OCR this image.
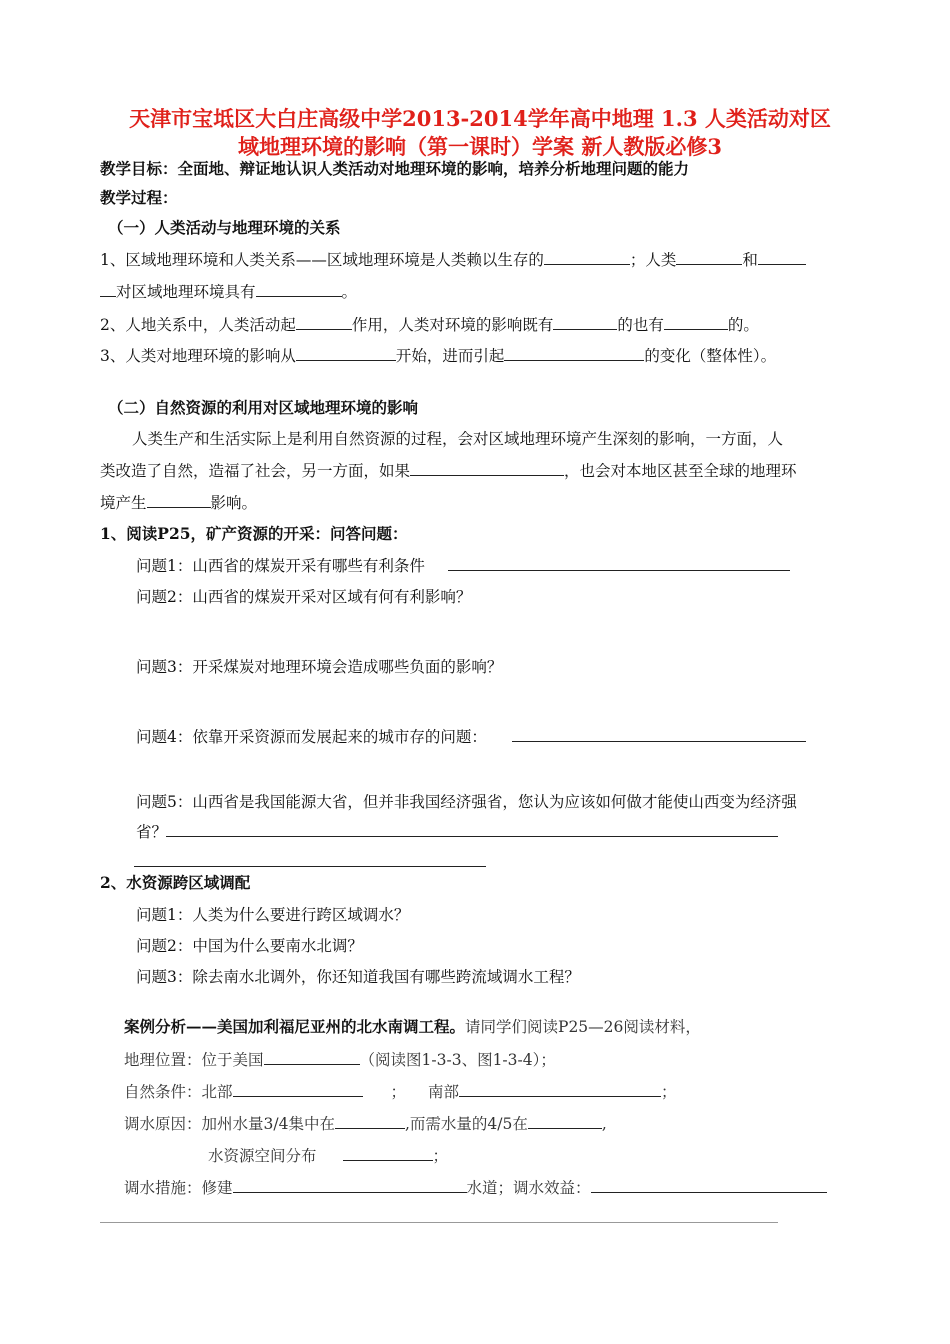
天津市宝坻区大白庄高级中学2013-2014学年高中地理 1.3 人类活动对区
域地理环境的影响（第一课时）学案 新人教版必修3
教学目标：全面地、辩证地认识人类活动对地理环境的影响，培养分析地理问题的能力
教学过程：
（一）人类活动与地理环境的关系
1、区域地理环境和人类关系——区域地理环境是人类赖以生存的	；人类	和
对区域地理环境具有	。
2、人地关系中，人类活动起	作用，人类对环境的影响既有	的也有	的。
3、人类对地理环境的影响从	开始，进而引起	的变化（整体性）。
（二）自然资源的利用对区域地理环境的影响
人类生产和生活实际上是利用自然资源的过程，会对区域地理环境产生深刻的影响，一方面，人
类改造了自然，造福了社会，另一方面，如果	，也会对本地区甚至全球的地理环
境产生	影响。
1、阅读P25，矿产资源的开采：问答问题：
问题1：山西省的煤炭开采有哪些有利条件
问题2：山西省的煤炭开采对区域有何有利影响？
问题3：开采煤炭对地理环境会造成哪些负面的影响？
问题4：依靠开采资源而发展起来的城市存的问题：
问题5：山西省是我国能源大省，但并非我国经济强省，您认为应该如何做才能使山西变为经济强
省？
2、水资源跨区域调配
问题1：人类为什么要进行跨区域调水？
问题2：中国为什么要南水北调？
问题3：除去南水北调外，你还知道我国有哪些跨流域调水工程？
案例分析——美国加利福尼亚州的北水南调工程。请同学们阅读P25—26阅读材料，
地理位置：位于美国	（阅读图1-3-3、图1-3-4）；
自然条件：北部	； 南部	；
调水原因：加州水量3/4集中在	,而需水量的4/5在	,
水资源空间分布	；
调水措施：修建	水道；调水效益：
